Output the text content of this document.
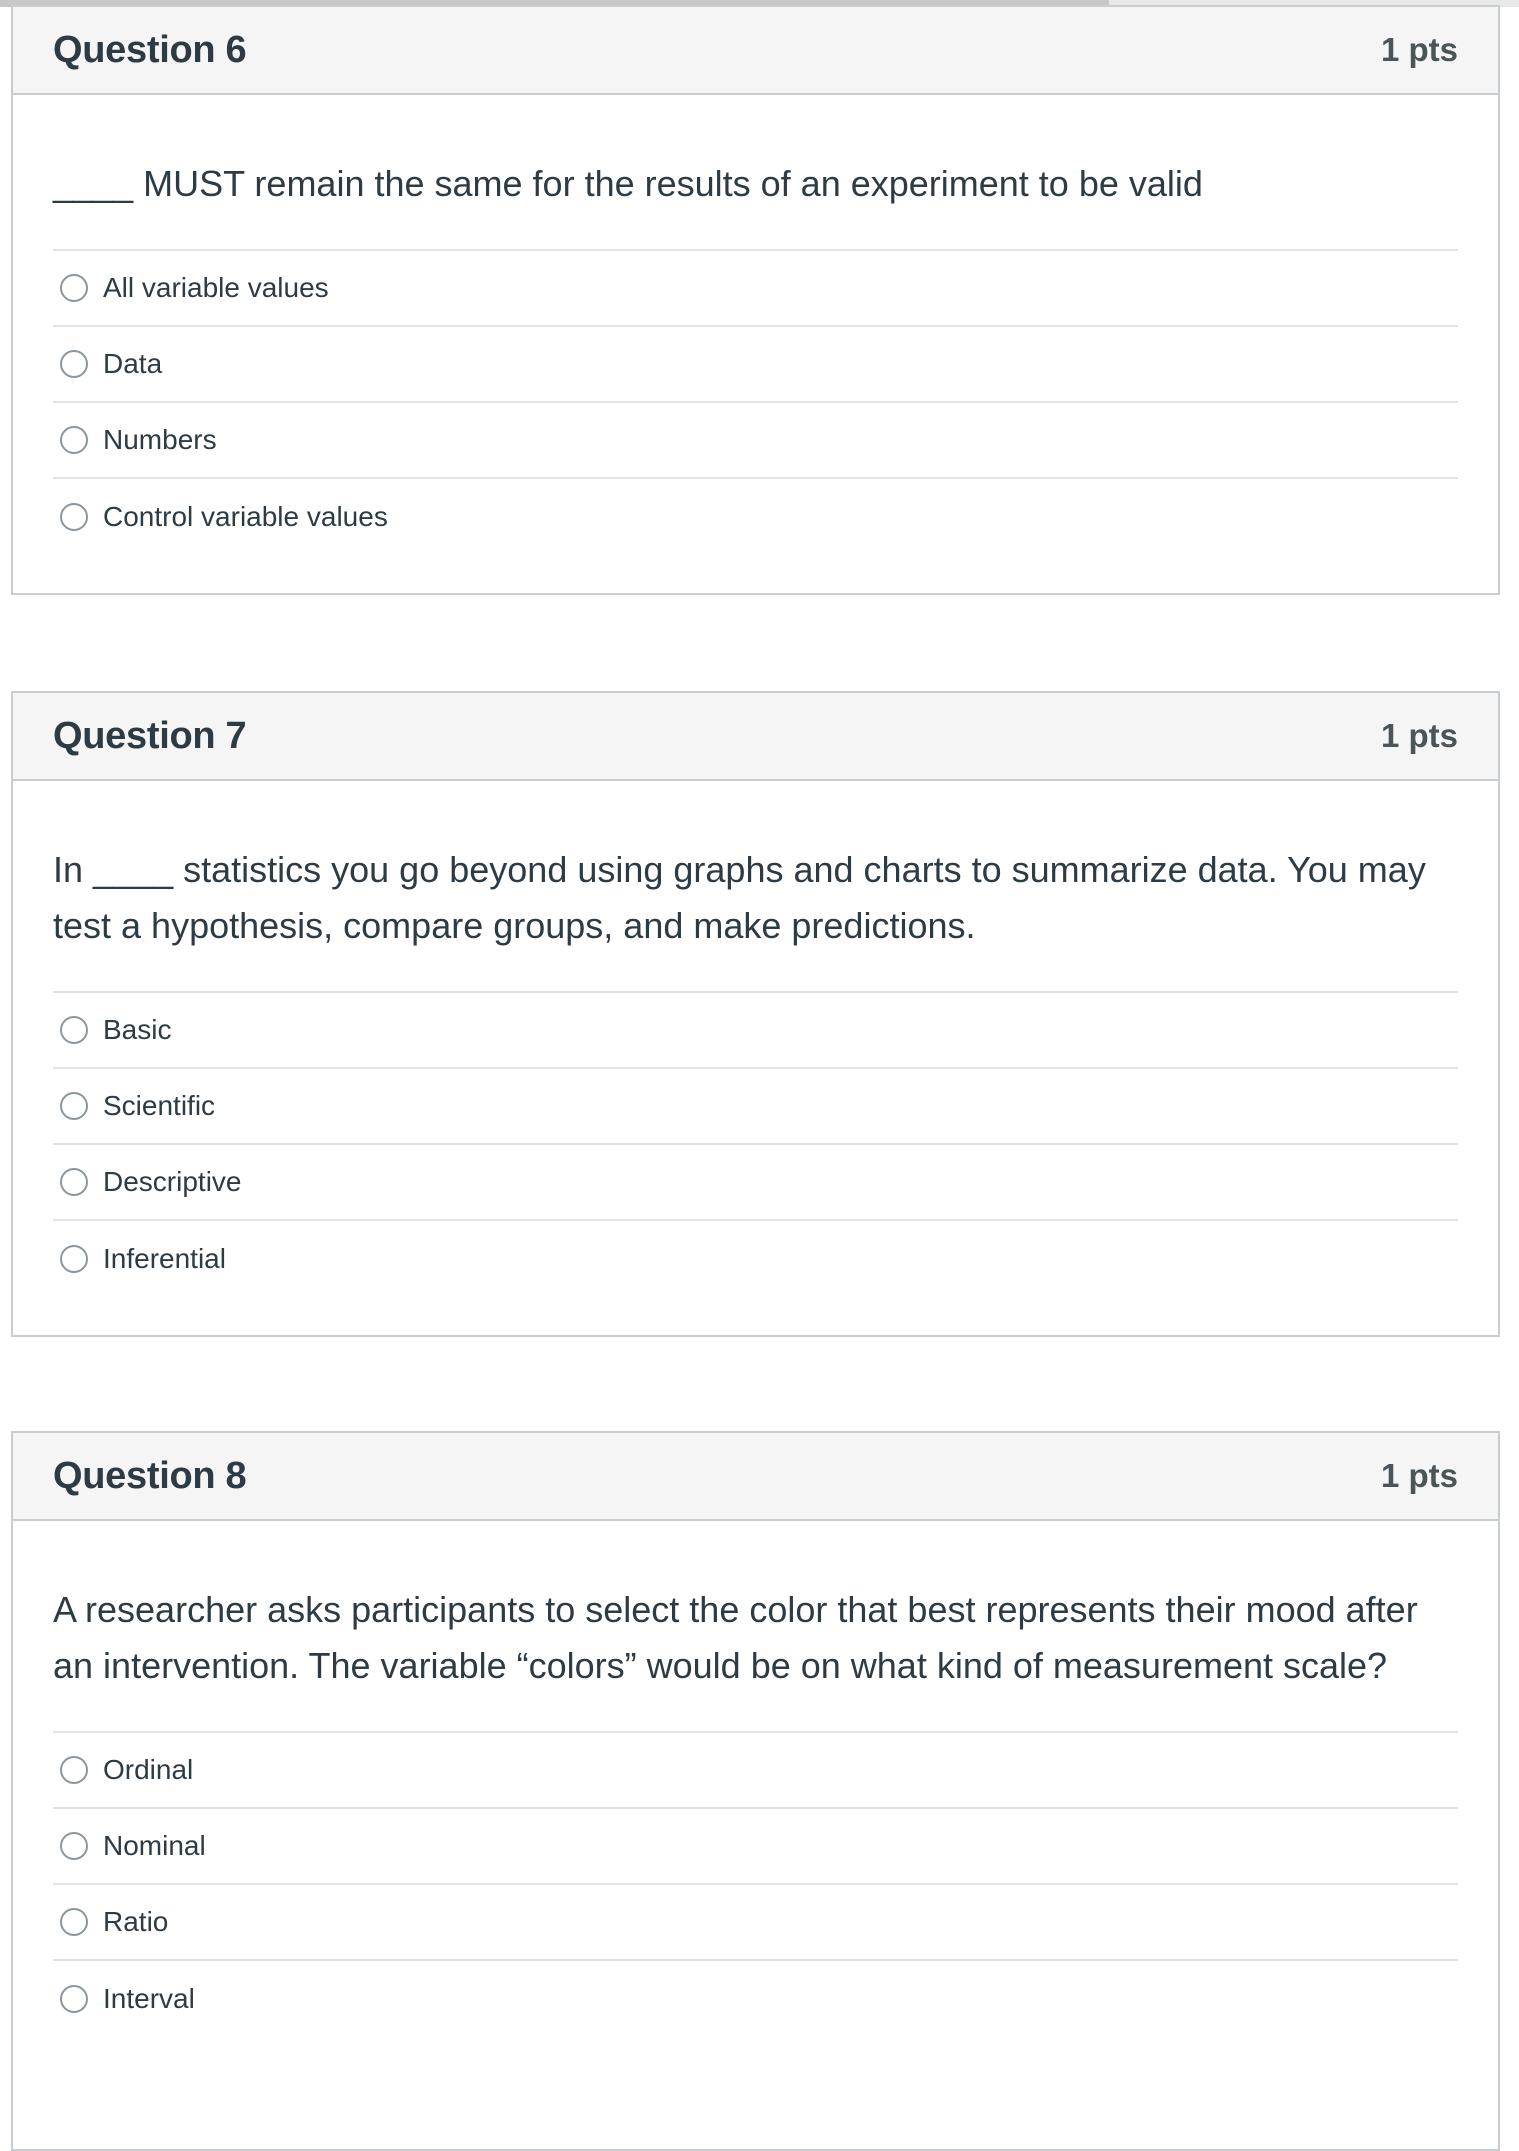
Question 6	1 pts

____ MUST remain the same for the results of an experiment to be valid

All variable values
Data
Numbers
Control variable values
Question 7	1 pts

In ____ statistics you go beyond using graphs and charts to summarize data. You may test a hypothesis, compare groups, and make predictions.

Basic
Scientific
Descriptive
Inferential
Question 8	1 pts

A researcher asks participants to select the color that best represents their mood after an intervention. The variable “colors” would be on what kind of measurement scale?

Ordinal
Nominal
Ratio
Interval
